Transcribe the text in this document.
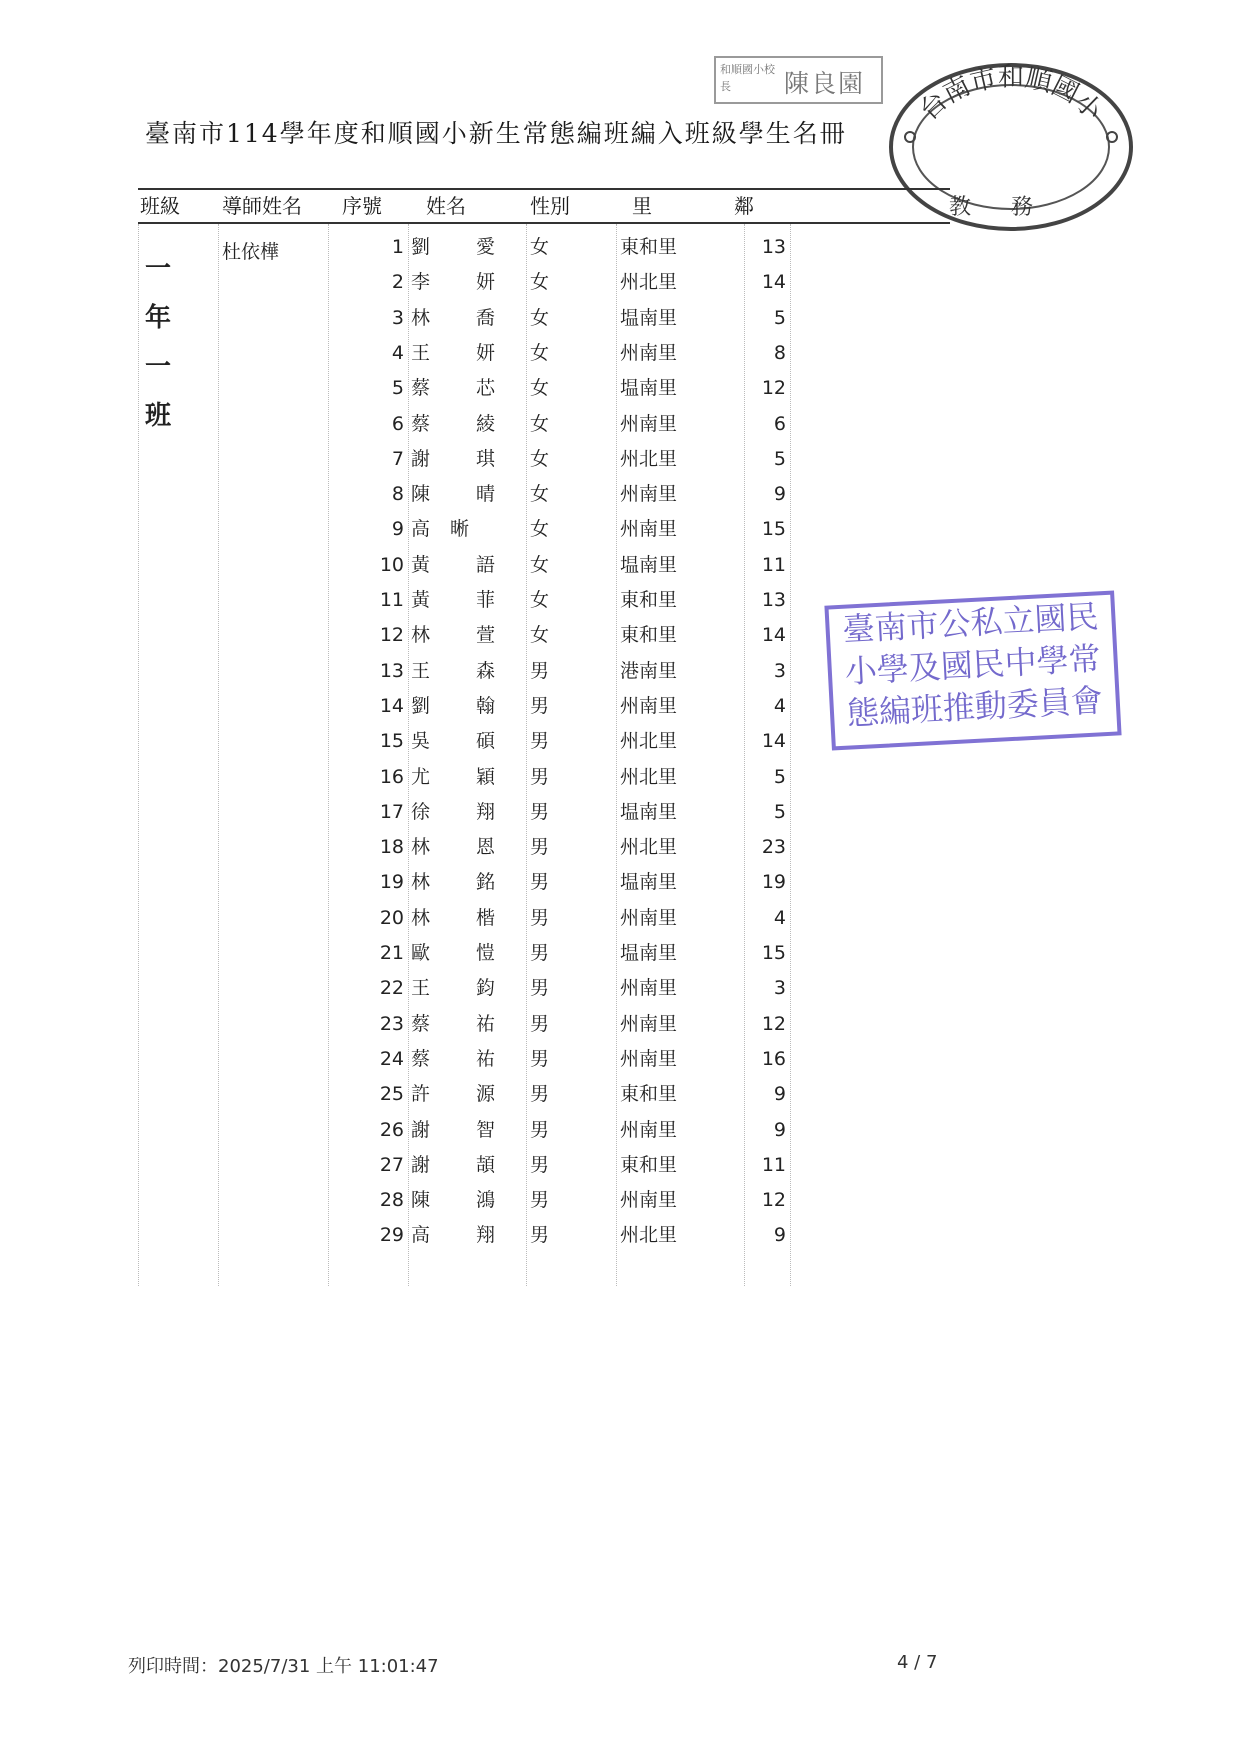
臺南市114學年度和順國小新生常態編班編入班級學生名冊
和順國小校長	陳良園
台南市和順國小
教務
班級 導師姓名 序號 姓名	性別	里	鄰
一
年
一
班
杜依樺	1 劉 愛 女	東和里	13
2 李 妍 女	州北里	14
3 林 喬 女	塭南里	5
4 王 妍 女	州南里	8
5 蔡 芯 女	塭南里	12
6 蔡 綾 女	州南里	6
7 謝 琪 女	州北里	5
8 陳 晴 女	州南里	9
9 高晰 女	州南里	15
10 黃 語 女	塭南里	11
11 黃 菲 女	東和里	13
12 林 萱 女	東和里	14
13 王 森 男	港南里	3
14 劉 翰 男	州南里	4
15 吳 碩 男	州北里	14
16 尤 穎 男	州北里	5
17 徐 翔 男	塭南里	5
18 林 恩 男	州北里	23
19 林 銘 男	塭南里	19
20 林 楷 男	州南里	4
21 歐 愷 男	塭南里	15
22 王 鈞 男	州南里	3
23 蔡 祐 男	州南里	12
24 蔡 祐 男	州南里	16
25 許 源 男	東和里	9
26 謝 智 男	州南里	9
27 謝 頡 男	東和里	11
28 陳 鴻 男	州南里	12
29 高 翔 男	州北里	9
臺南市公私立國民
小學及國民中學常
態編班推動委員會
列印時間：2025/7/31 上午 11:01:47	4 / 7
